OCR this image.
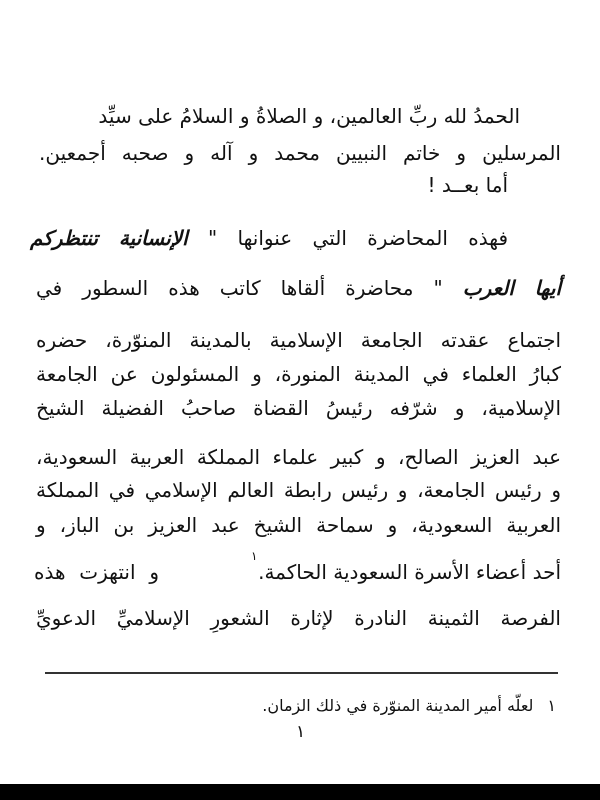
الحمدُ لله ربِّ العالمين، و الصلاةُ و السلامُ على سيِّد
المرسلين و خاتم النبيين محمد و آله و صحبه أجمعين.
أما بعــد !
فهذه المحاضرة التي عنوانها " الإنسانية تنتظركم
أيها العرب " محاضرة ألقاها كاتب هذه السطور في
اجتماع عقدته الجامعة الإسلامية بالمدينة المنوّرة، حضره
كبارُ العلماء في المدينة المنورة، و المسئولون عن الجامعة
الإسلامية، و شرّفه رئيسُ القضاة صاحبُ الفضيلة الشيخ
عبد العزيز الصالح، و كبير علماء المملكة العربية السعودية،
و رئيس الجامعة، و رئيس رابطة العالم الإسلامي في المملكة
العربية السعودية، و سماحة الشيخ عبد العزيز بن الباز، و
أحد أعضاء الأسرة السعودية الحاكمة.
١
و انتهزت هذه
الفرصة الثمينة النادرة لإثارة الشعورِ الإسلاميِّ الدعويِّ
١لعلّه أمير المدينة المنوّرة في ذلك الزمان.
١
